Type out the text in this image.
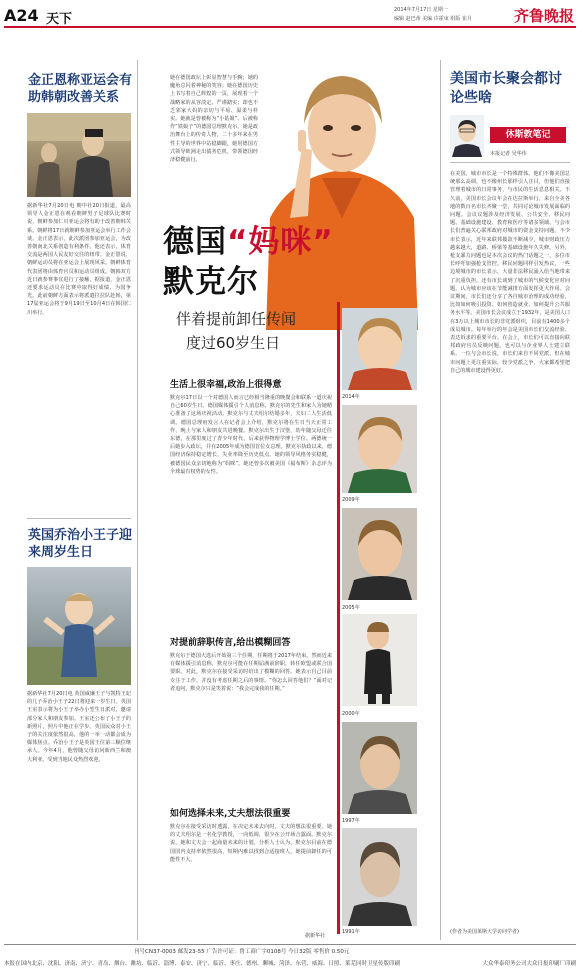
A24 天下
2014年7月17日 星期一
编辑 赵巴蒂 美编 许霍束 组版 崔月	齐鲁晚报
金正恩称亚运会有助韩朝改善关系
据新华社7月20日电 朝中社20日报道，最高领导人金正恩在观看朝鲜男子足球队比赛时说，朝鲜参加仁川亚运会将有助于改善朝韩关系。朝鲜将17日就朝鲜参加亚运会举行工作会谈。金正恩表示，此次派团参加亚运会，为改善朝南北关系创造有利条件。他还表示，体育交流是两国人民友好交往的纽带。金正恩说，朝鲜运动员将在亚运会上展现风采。朝鲜体育代表团将由体育官员和运动员组成。朝韩双方近日就参赛事宜进行了接触，据报道，金正恩还要求运动员在比赛中取得好成绩，为国争光。此前朝鲜方面表示将派遣拉拉队赴韩，第17届亚运会将于9月19日至10月4日在韩国仁川举行。
英国乔治小王子迎来周岁生日
据新华社7月20日电 英国威廉王子与凯特王妃的儿子乔治小王子22日将迎来一岁生日。英国王室表示将为小王子举办小型生日派对，邀请部分家人和朋友参加。王室还公布了小王子的新照片，照片中他正在学步。英国民众对小王子的关注度依然很高，他的一举一动都会成为媒体焦点。乔治小王子是英国王位第三顺位继承人。今年4月，他曾随父母访问新西兰和澳大利亚，受到当地民众热烈欢迎。
她在德国政坛上彰显智慧与手腕；她的魔角总闪着神秘的笑容；她在德国历史上书写着自己辉煌的一页，展现着一个战略家的从容淡定、严谨踏实；却也不乏邻家大妈的亲切与平易、温柔与朴实。她就是曾被称为“小姑娘”、后被称作“铁娘子”的德国总理默克尔。她是政治舞台上的传奇人物，二十多年来在男性主导的世界中站稳脚跟，她用德国方式领导欧洲走出债务危机，带领德国经济稳健前行。
德国“妈咪”
默克尔
伴着提前卸任传闻
度过60岁生日
生活上很幸福,政治上很得意
默克尔17日以一个对德国人而言已经相当隆重的晚餐会和联系一道庆祝自己60岁生日。德国媒体援引个人消息称，默克尔的先生和家人为她精心准备了这场庆祝活动。默克尔与丈夫绍尔结婚多年，夫妇二人生活低调。德国总理府发言人在记者会上介绍，默克尔将在生日当天正常工作，晚上与家人和朋友共进晚餐。默克尔出生于汉堡，幼年随父母迁往东德，在那里度过了青少年时代，后来获得物理学博士学位。两德统一后她步入政坛，并在2005年成为德国首位女总理。默克尔执政以来，德国经济保持稳定增长，失业率降至历史低点。她的领导风格务实稳健，被德国民众亲切地称为“妈咪”。她还曾多次被美国《福布斯》杂志评为全球最有权势的女性。
对提前辞职传言,给出模糊回答
默克尔于德国大选后开始第三个任期，任期将于2017年结束。然而近来有媒体援引消息称，默克尔可能在任期届满前辞职，转任欧盟或联合国要职。对此，默克尔在接受采访时给出了模糊的回答。她表示自己目前专注于工作，并没有考虑任期之后的事情。“你怎么回答他们？”面对记者追问，默克尔只是笑着说：“我会完成我的任期。”
如何选择未来,丈夫想法很重要
默克尔在接受采访时透露，在决定未来去向时，丈夫的想法很重要。她的丈夫绍尔是一名化学教授，一向低调，很少在公开场合露面。默克尔说，她和丈夫会一起商量未来的计划。分析人士认为，默克尔目前在德国国内支持率依然很高，短期内难以找到合适接班人，她提前卸任的可能性不大。
据新华社
2014年
2009年
2005年
2000年
1997年
1991年
美国市长聚会都讨论些啥
休斯敦笔记
本报记者 吴华伟
在美国，城市市长是一个特殊群体。他们不像美国总统那么高调，也不像州长那样引人注目，但他们直接管理着城市的日常事务，与市民的生活息息相关。不久前，美国市长会议年会在达拉斯举行，来自全美各地的数百名市长齐聚一堂，共同讨论城市发展面临的问题。会议议题涉及经济发展、公共安全、移民问题、基础设施建设、教育和医疗等诸多领域。与会市长们普遍关心联邦政府对城市的资金支持问题。不少市长表示，近年来联邦拨款不断减少，城市财政压力越来越大，道路、桥梁等基础设施年久失修。另外，枪支暴力问题也是本次会议的热门话题之一，多位市长呼吁加强枪支管控。移民问题同样引发热议，一些边境城市的市长表示，大量非法移民涌入给当地带来了沉重负担。还有市长谈到了城市的气候变化应对问题，认为城市应该在节能减排方面发挥更大作用。会议期间，市长们还分享了各自城市治理的成功经验，比如如何吸引投资、如何创造就业、如何提升公共服务水平等。美国市长会议成立于1932年，是美国人口在3万以上城市市长的非党派组织，目前有1400多个成员城市。每年举行的年会是美国市长们交流经验、表达诉求的重要平台。在会上，市长们可以直接向联邦政府官员反映问题，也可以与企业界人士建立联系。一位与会市长说，市长们来自不同党派，但在城市问题上更注重实际，较少党派之争，大家都希望把自己的城市建设得更好。
(作者为美国莱斯大学访问学者)
刊号CN37-0003 邮发23-55 广告许可证：鲁工商广字0108号 今日32版 零售价 0.50元
本报在国内北京、沈阳、济南、济宁、青岛、烟台、潍坊、临沂、淄博、泰安、济宁、临沂、枣庄、德州、聊城、菏泽、东营、威海、日照、莱芜同时卫星传版印刷	大众华泰印务公司大众日报印刷厂印刷
